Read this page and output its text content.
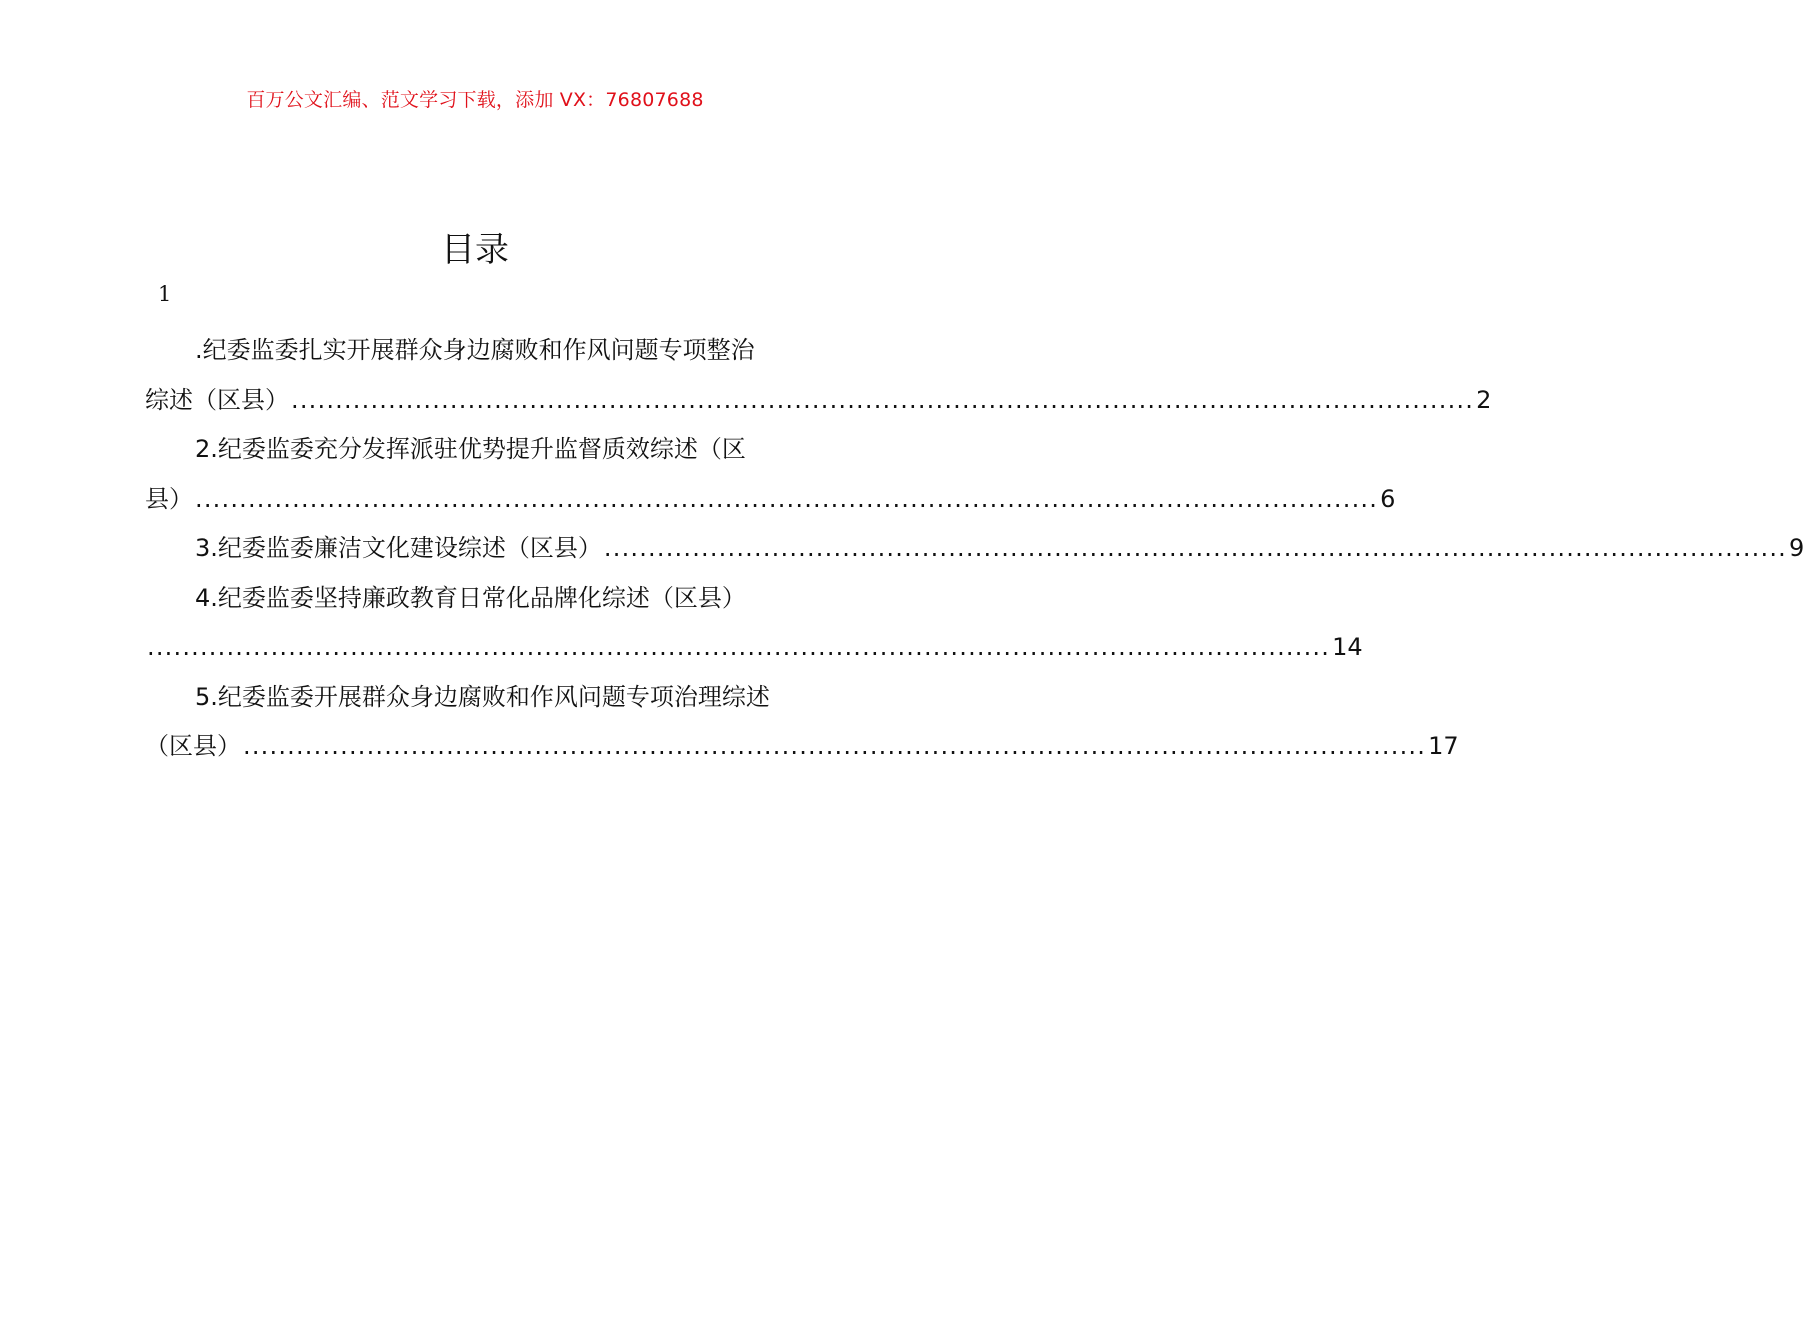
百万公文汇编、范文学习下载，添加 VX：76807688
目录
1
.纪委监委扎实开展群众身边腐败和作风问题专项整治
综述（区县） ...................................................................................................................................... 2
2.纪委监委充分发挥派驻优势提升监督质效综述（区
县） ...................................................................................................................................... 6
3.纪委监委廉洁文化建设综述（区县） ...................................................................................................................................... 9
4.纪委监委坚持廉政教育日常化品牌化综述（区县）
...................................................................................................................................... 14
5.纪委监委开展群众身边腐败和作风问题专项治理综述
（区县） ...................................................................................................................................... 17
